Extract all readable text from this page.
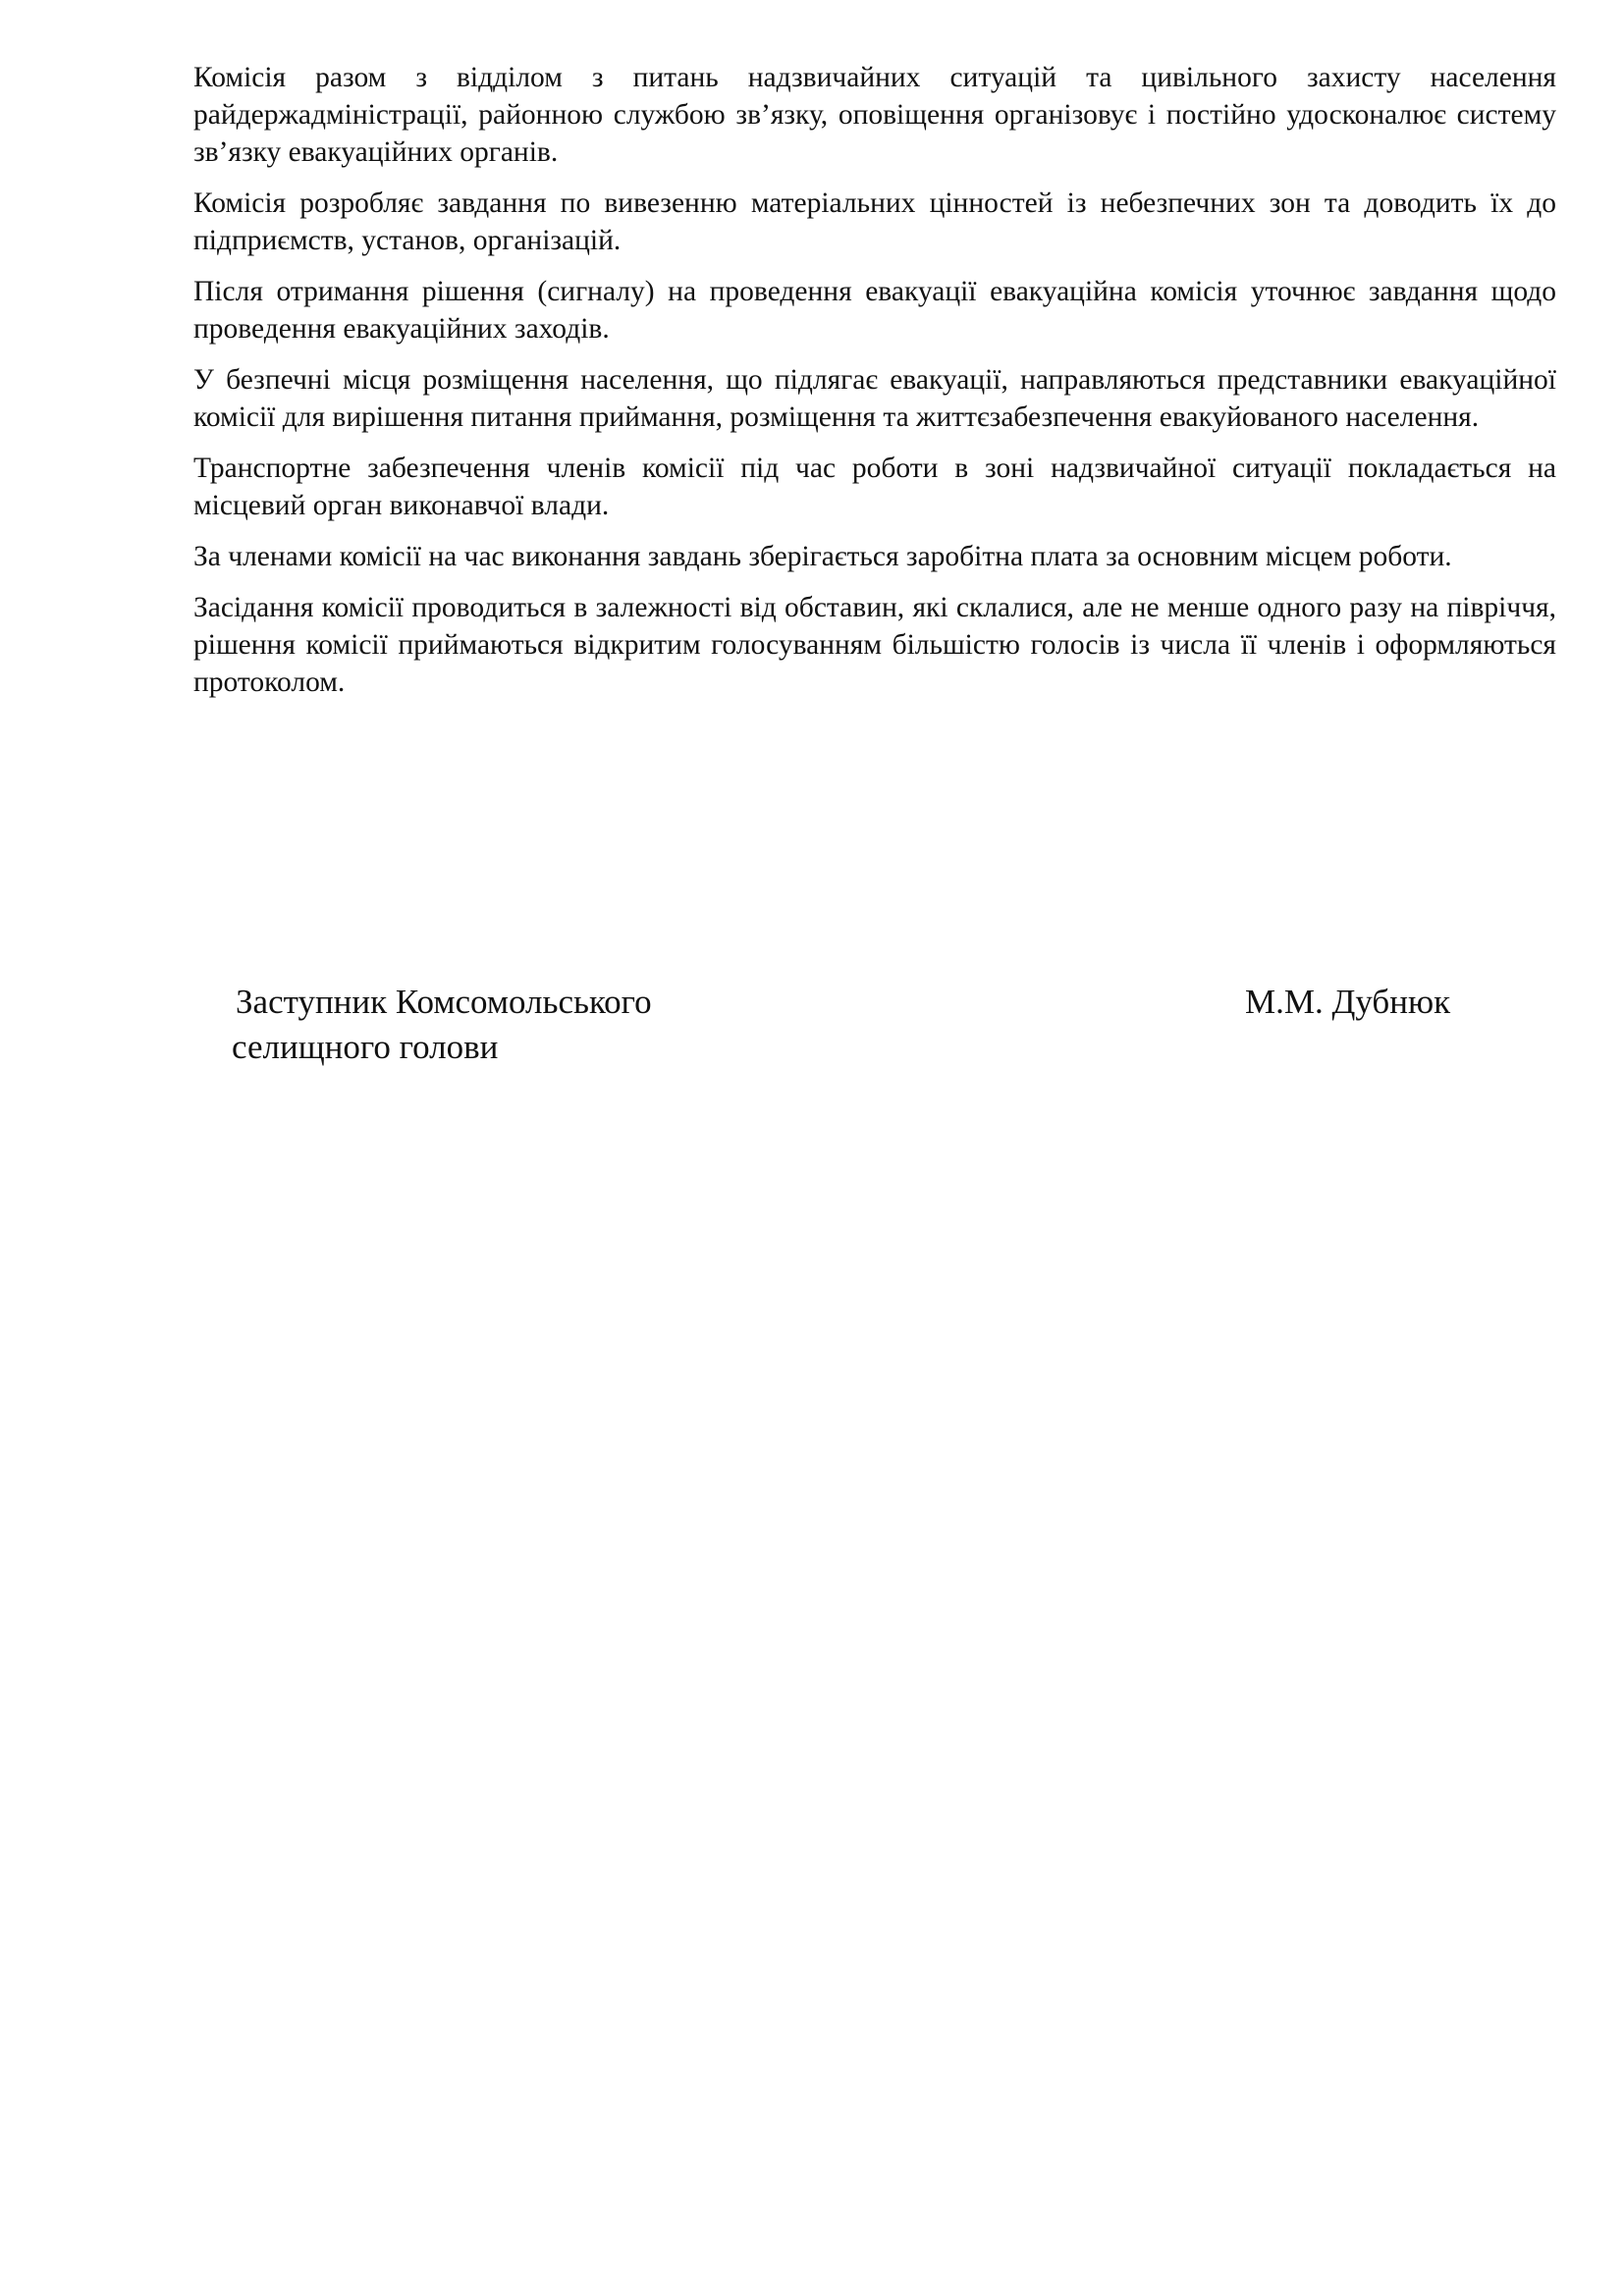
Комісія разом з відділом з питань надзвичайних ситуацій та цивільного захисту населення райдержадміністрації, районною службою зв’язку, оповіщення організовує і постійно удосконалює систему зв’язку евакуаційних органів.

Комісія розробляє завдання по вивезенню матеріальних цінностей із небезпечних зон та доводить їх до підприємств, установ, організацій.

Після отримання рішення (сигналу) на проведення евакуації евакуаційна комісія уточнює завдання щодо проведення евакуаційних заходів.

У безпечні місця розміщення населення, що підлягає евакуації, направляються представники евакуаційної комісії для вирішення питання приймання, розміщення та життєзабезпечення евакуйованого населення.

Транспортне забезпечення членів комісії під час роботи в зоні надзвичайної ситуації покладається на місцевий орган виконавчої влади.

За членами комісії на час виконання завдань зберігається заробітна плата за основним місцем роботи.

Засідання комісії проводиться в залежності від обставин, які склалися, але не менше одного разу на півріччя, рішення комісії приймаються відкритим голосуванням більшістю голосів із числа її членів і оформляються протоколом.

Заступник Комсомольського
селищного голови
М.М. Дубнюк
